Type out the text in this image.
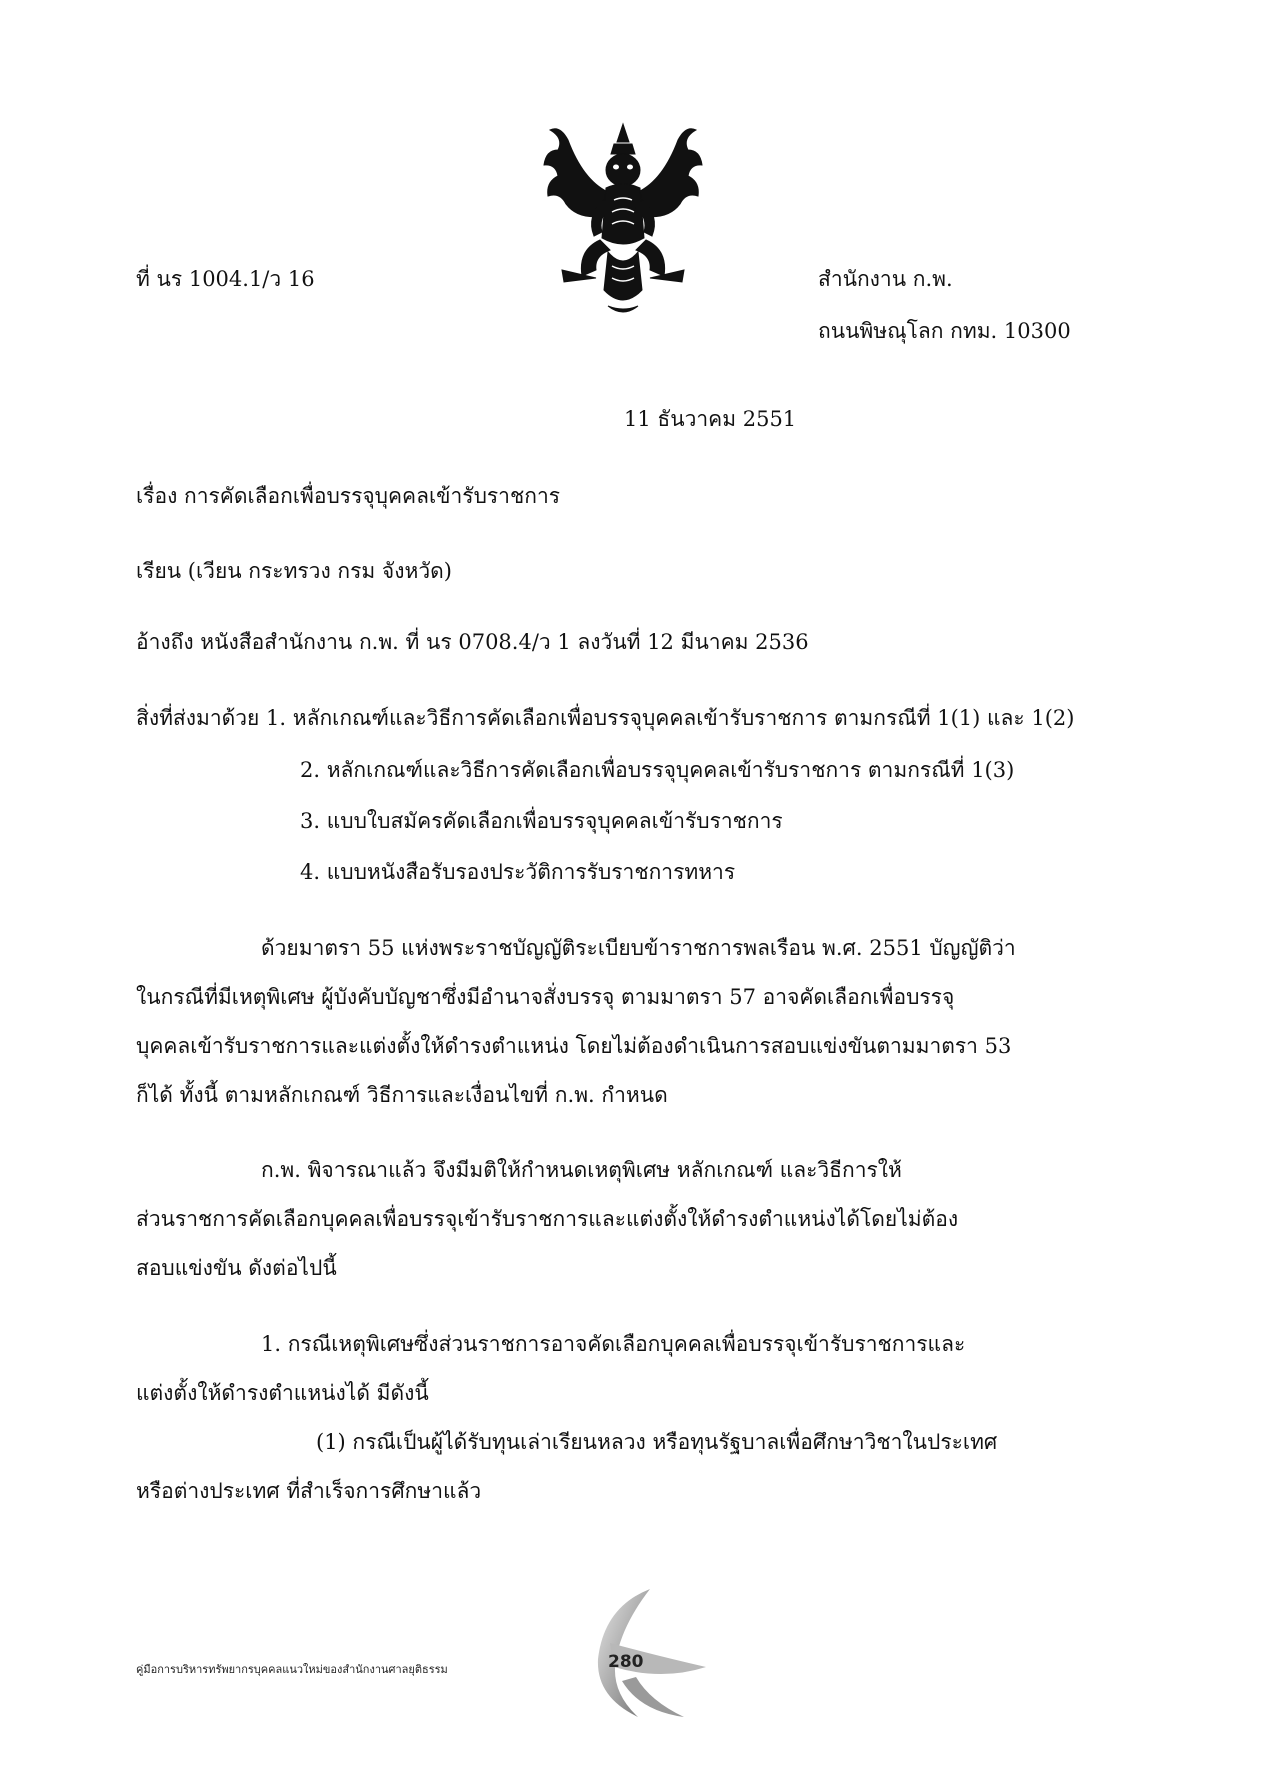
ที่ นร 1004.1/ว 16	สำนักงาน ก.พ.
ถนนพิษณุโลก กทม. 10300
11 ธันวาคม 2551
เรื่อง การคัดเลือกเพื่อบรรจุบุคคลเข้ารับราชการ
เรียน (เวียน กระทรวง กรม จังหวัด)
อ้างถึง หนังสือสำนักงาน ก.พ. ที่ นร 0708.4/ว 1 ลงวันที่ 12 มีนาคม 2536
สิ่งที่ส่งมาด้วย 1. หลักเกณฑ์และวิธีการคัดเลือกเพื่อบรรจุบุคคลเข้ารับราชการ ตามกรณีที่ 1(1) และ 1(2)
2. หลักเกณฑ์และวิธีการคัดเลือกเพื่อบรรจุบุคคลเข้ารับราชการ ตามกรณีที่ 1(3)
3. แบบใบสมัครคัดเลือกเพื่อบรรจุบุคคลเข้ารับราชการ
4. แบบหนังสือรับรองประวัติการรับราชการทหาร
ด้วยมาตรา 55 แห่งพระราชบัญญัติระเบียบข้าราชการพลเรือน พ.ศ. 2551 บัญญัติว่า
ในกรณีที่มีเหตุพิเศษ ผู้บังคับบัญชาซึ่งมีอำนาจสั่งบรรจุ ตามมาตรา 57 อาจคัดเลือกเพื่อบรรจุ
บุคคลเข้ารับราชการและแต่งตั้งให้ดำรงตำแหน่ง โดยไม่ต้องดำเนินการสอบแข่งขันตามมาตรา 53
ก็ได้ ทั้งนี้ ตามหลักเกณฑ์ วิธีการและเงื่อนไขที่ ก.พ. กำหนด
ก.พ. พิจารณาแล้ว จึงมีมติให้กำหนดเหตุพิเศษ หลักเกณฑ์ และวิธีการให้
ส่วนราชการคัดเลือกบุคคลเพื่อบรรจุเข้ารับราชการและแต่งตั้งให้ดำรงตำแหน่งได้โดยไม่ต้อง
สอบแข่งขัน ดังต่อไปนี้
1. กรณีเหตุพิเศษซึ่งส่วนราชการอาจคัดเลือกบุคคลเพื่อบรรจุเข้ารับราชการและ
แต่งตั้งให้ดำรงตำแหน่งได้ มีดังนี้
(1) กรณีเป็นผู้ได้รับทุนเล่าเรียนหลวง หรือทุนรัฐบาลเพื่อศึกษาวิชาในประเทศ
หรือต่างประเทศ ที่สำเร็จการศึกษาแล้ว
คู่มือการบริหารทรัพยากรบุคคลแนวใหม่ของสำนักงานศาลยุติธรรม	280
